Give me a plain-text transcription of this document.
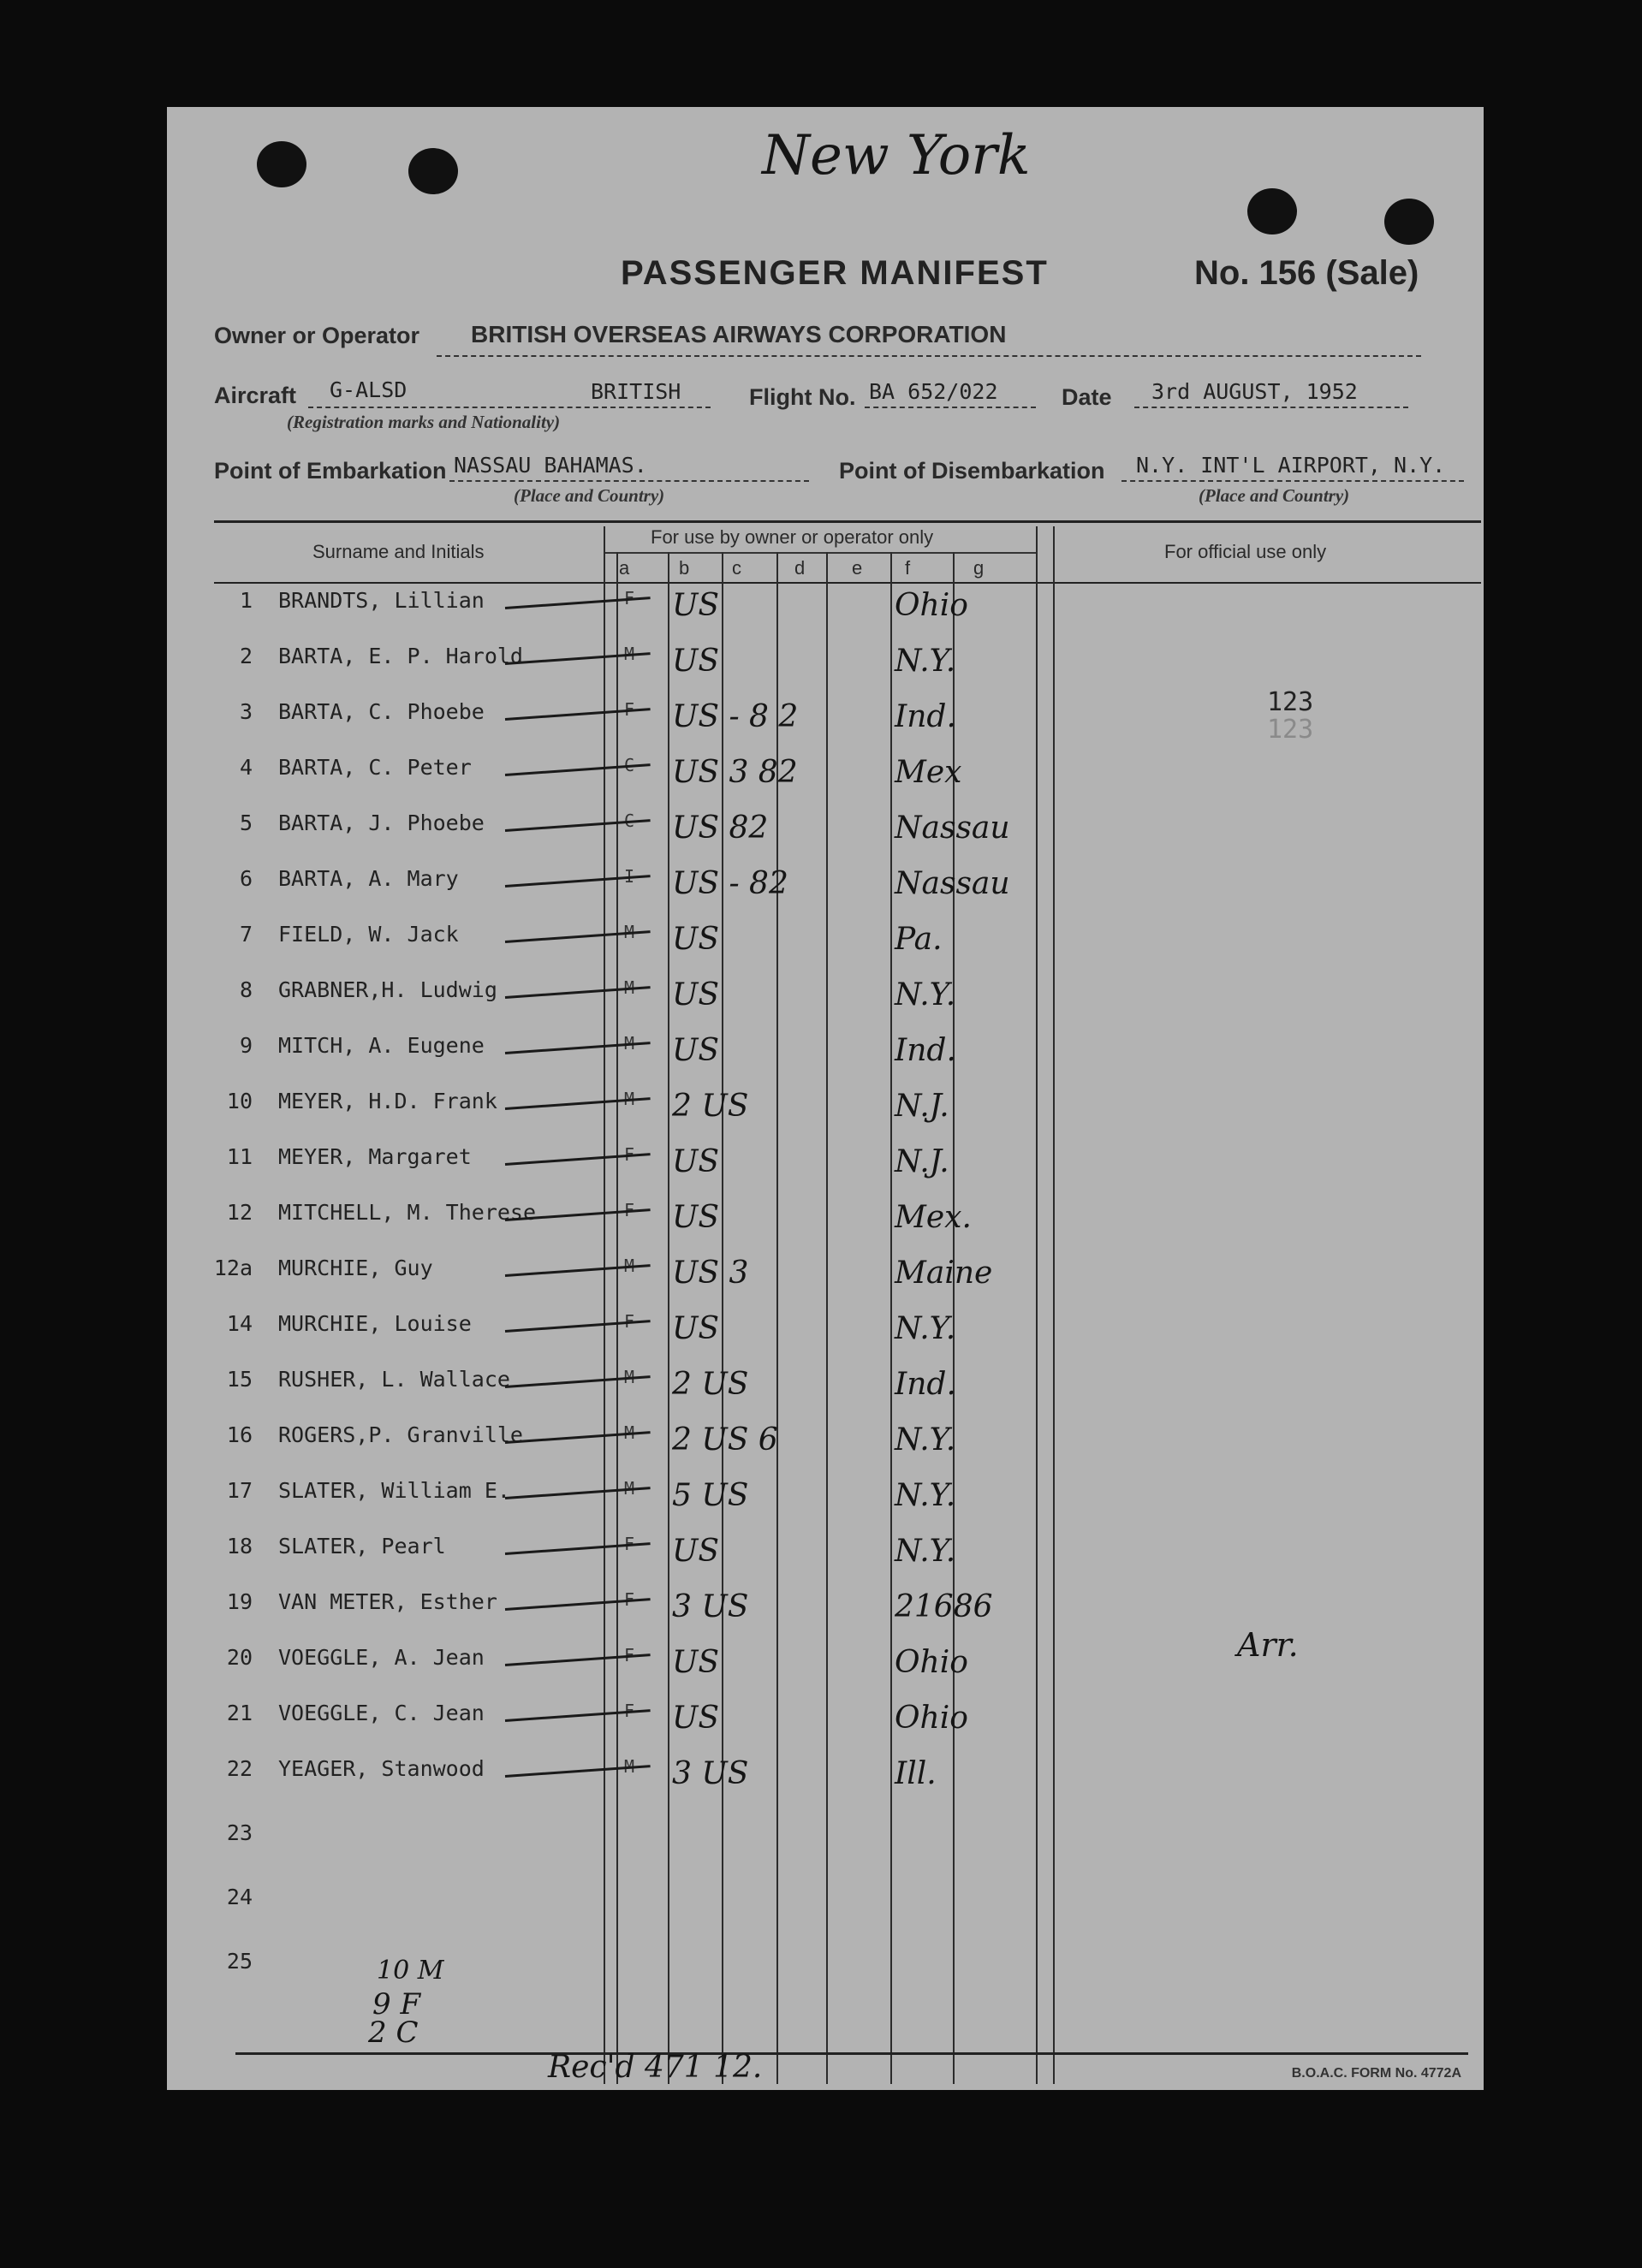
New York
PASSENGER MANIFEST	No. 156 (Sale)
Owner or Operator BRITISH OVERSEAS AIRWAYS CORPORATION
Aircraft G-ALSD	BRITISH
(Registration marks and Nationality)
Flight No. BA 652/022	Date 3rd AUGUST, 1952
Point of Embarkation NASSAU BAHAMAS.
(Place and Country)
Point of Disembarkation N.Y. INT'L AIRPORT, N.Y.
(Place and Country)
Surname and Initials
For use by owner or operator only
For official use only
a	b c	d e f	g
1 BRANDTS, Lillian	F	US	Ohio
2 BARTA, E. P. Harold	M	US	N.Y.
3 BARTA, C. Phoebe	F	US - 8 2	Ind.
4 BARTA, C. Peter	C	US 3 82	Mex
5 BARTA, J. Phoebe	C	US 82	Nassau
6 BARTA, A. Mary	I	US - 82	Nassau
7 FIELD, W. Jack	M	US	Pa.
8 GRABNER,H. Ludwig	M	US	N.Y.
9 MITCH, A. Eugene	M	US	Ind.
10 MEYER, H.D. Frank	M	2 US	N.J.
11 MEYER, Margaret	F	US	N.J.
12 MITCHELL, M. Therese	F	US	Mex.
12a MURCHIE, Guy	M	US 3	Maine
14 MURCHIE, Louise	F	US	N.Y.
15 RUSHER, L. Wallace	M	2 US	Ind.
16 ROGERS,P. Granville	M	2 US 6	N.Y.
17 SLATER, William E.	M	5 US	N.Y.
18 SLATER, Pearl	F	US	N.Y.
19 VAN METER, Esther	F	3 US	21686
20 VOEGGLE, A. Jean	F	US	Ohio
21 VOEGGLE, C. Jean	F	US	Ohio
22 YEAGER, Stanwood	M	3 US	Ill.
23
24
25
123
123
Arr.
10 M
9 F
2 C
Rec'd 471 12.	B.O.A.C. FORM No. 4772A
